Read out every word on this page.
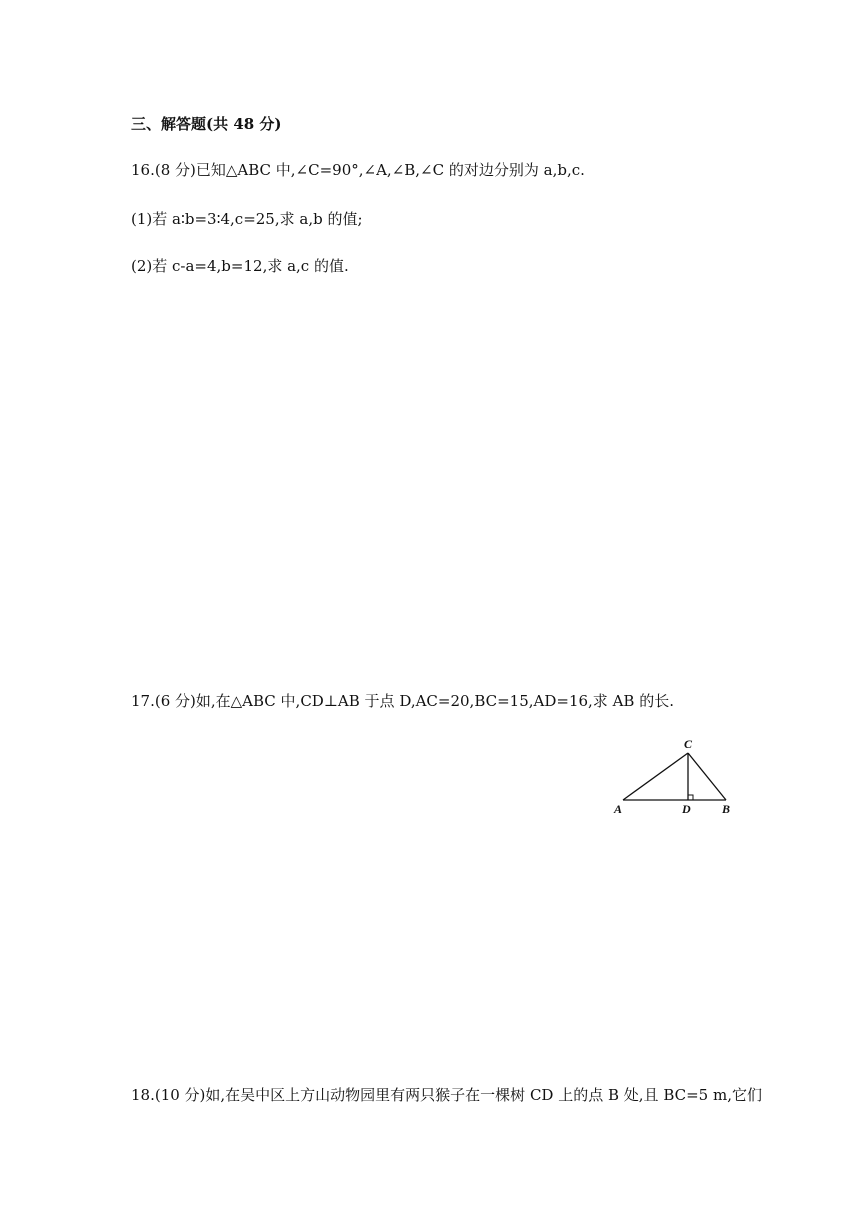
三、解答题(共 48 分)
16.(8 分)已知△ABC 中,∠C=90°,∠A,∠B,∠C 的对边分别为 a,b,c.
(1)若 a∶b=3∶4,c=25,求 a,b 的值;
(2)若 c-a=4,b=12,求 a,c 的值.
17.(6 分)如,在△ABC 中,CD⊥AB 于点 D,AC=20,BC=15,AD=16,求 AB 的长.
C
A	D	B
18.(10 分)如,在吴中区上方山动物园里有两只猴子在一棵树 CD 上的点 B 处,且 BC=5 m,它们
